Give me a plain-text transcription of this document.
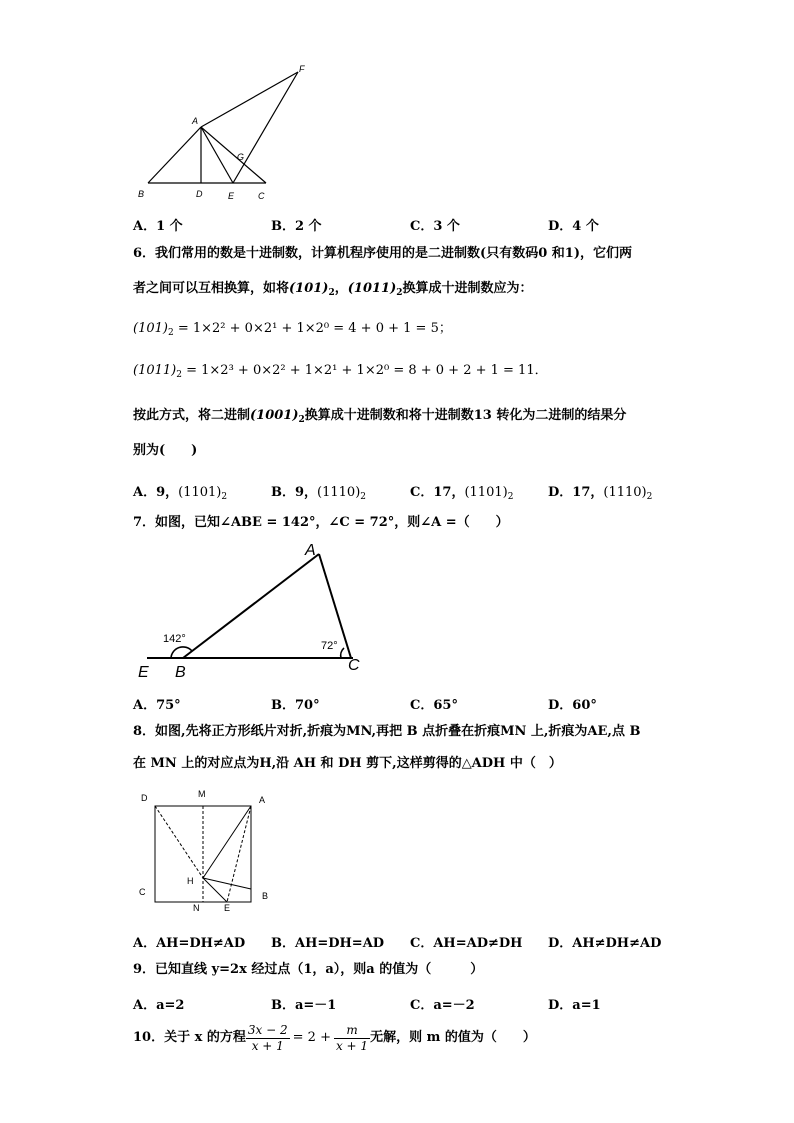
A
B	C
D	E
F
G
A．1 个	B．2 个	C．3 个	D．4 个
6．我们常用的数是十进制数，计算机程序使用的是二进制数(只有数码0 和1)，它们两
者之间可以互相换算，如将$(101)_2$，$(1011)_2$换算成十进制数应为：
$(101)_2 = 1\times 2^2 + 0\times 2^1 + 1\times 2^0 = 4 + 0 + 1 = 5$；
$(1011)_2 = 1\times 2^3 + 0\times 2^2 + 1\times 2^1 + 1\times 2^0 = 8 + 0 + 2 + 1 = 11$．
按此方式，将二进制$(1001)_2$换算成十进制数和将十进制数13 转化为二进制的结果分
别为(　　)
A．9，$(1101)_2$	B．9，$(1110)_2$	C．17，$(1101)_2$	D．17，$(1110)_2$
7．如图，已知∠ABE = 142°，∠C = 72°，则∠A =（　　）
A
B	C
E
142°
72°
A．75°	B．70°	C．65°	D．60°
8．如图,先将正方形纸片对折,折痕为MN,再把 B 点折叠在折痕MN 上,折痕为AE,点 B
在 MN 上的对应点为H,沿 AH 和 DH 剪下,这样剪得的△ADH 中（　）
D	M
A
H
C
N	E
B
A．AH=DH≠AD B．AH=DH=AD C．AH=AD≠DH D．AH≠DH≠AD
9．已知直线 y=2x 经过点（1，a），则a 的值为（　　　）
A．a=2	B．a=－1	C．a=－2	D．a=1
10．关于 x 的方程 $\frac{3x - 2}{x + 1} = 2 + \frac{m}{x + 1}$ 无解，则 m 的值为（　　）
